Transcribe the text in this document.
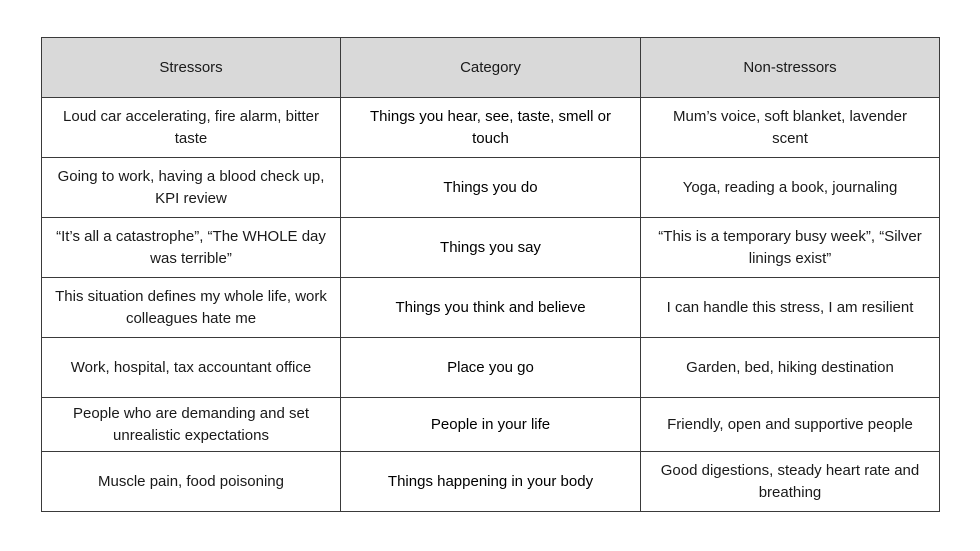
Stressors	Category	Non-stressors
Loud car accelerating, fire alarm, bitter taste	Things you hear, see, taste, smell or touch	Mum’s voice, soft blanket, lavender scent
Going to work, having a blood check up, KPI review	Things you do	Yoga, reading a book, journaling
“It’s all a catastrophe”, “The WHOLE day was terrible”	Things you say	“This is a temporary busy week”, “Silver linings exist”
This situation defines my whole life, work colleagues hate me	Things you think and believe	I can handle this stress, I am resilient
Work, hospital, tax accountant office	Place you go	Garden, bed, hiking destination
People who are demanding and set unrealistic expectations	People in your life	Friendly, open and supportive people
Muscle pain, food poisoning	Things happening in your body	Good digestions, steady heart rate and breathing
